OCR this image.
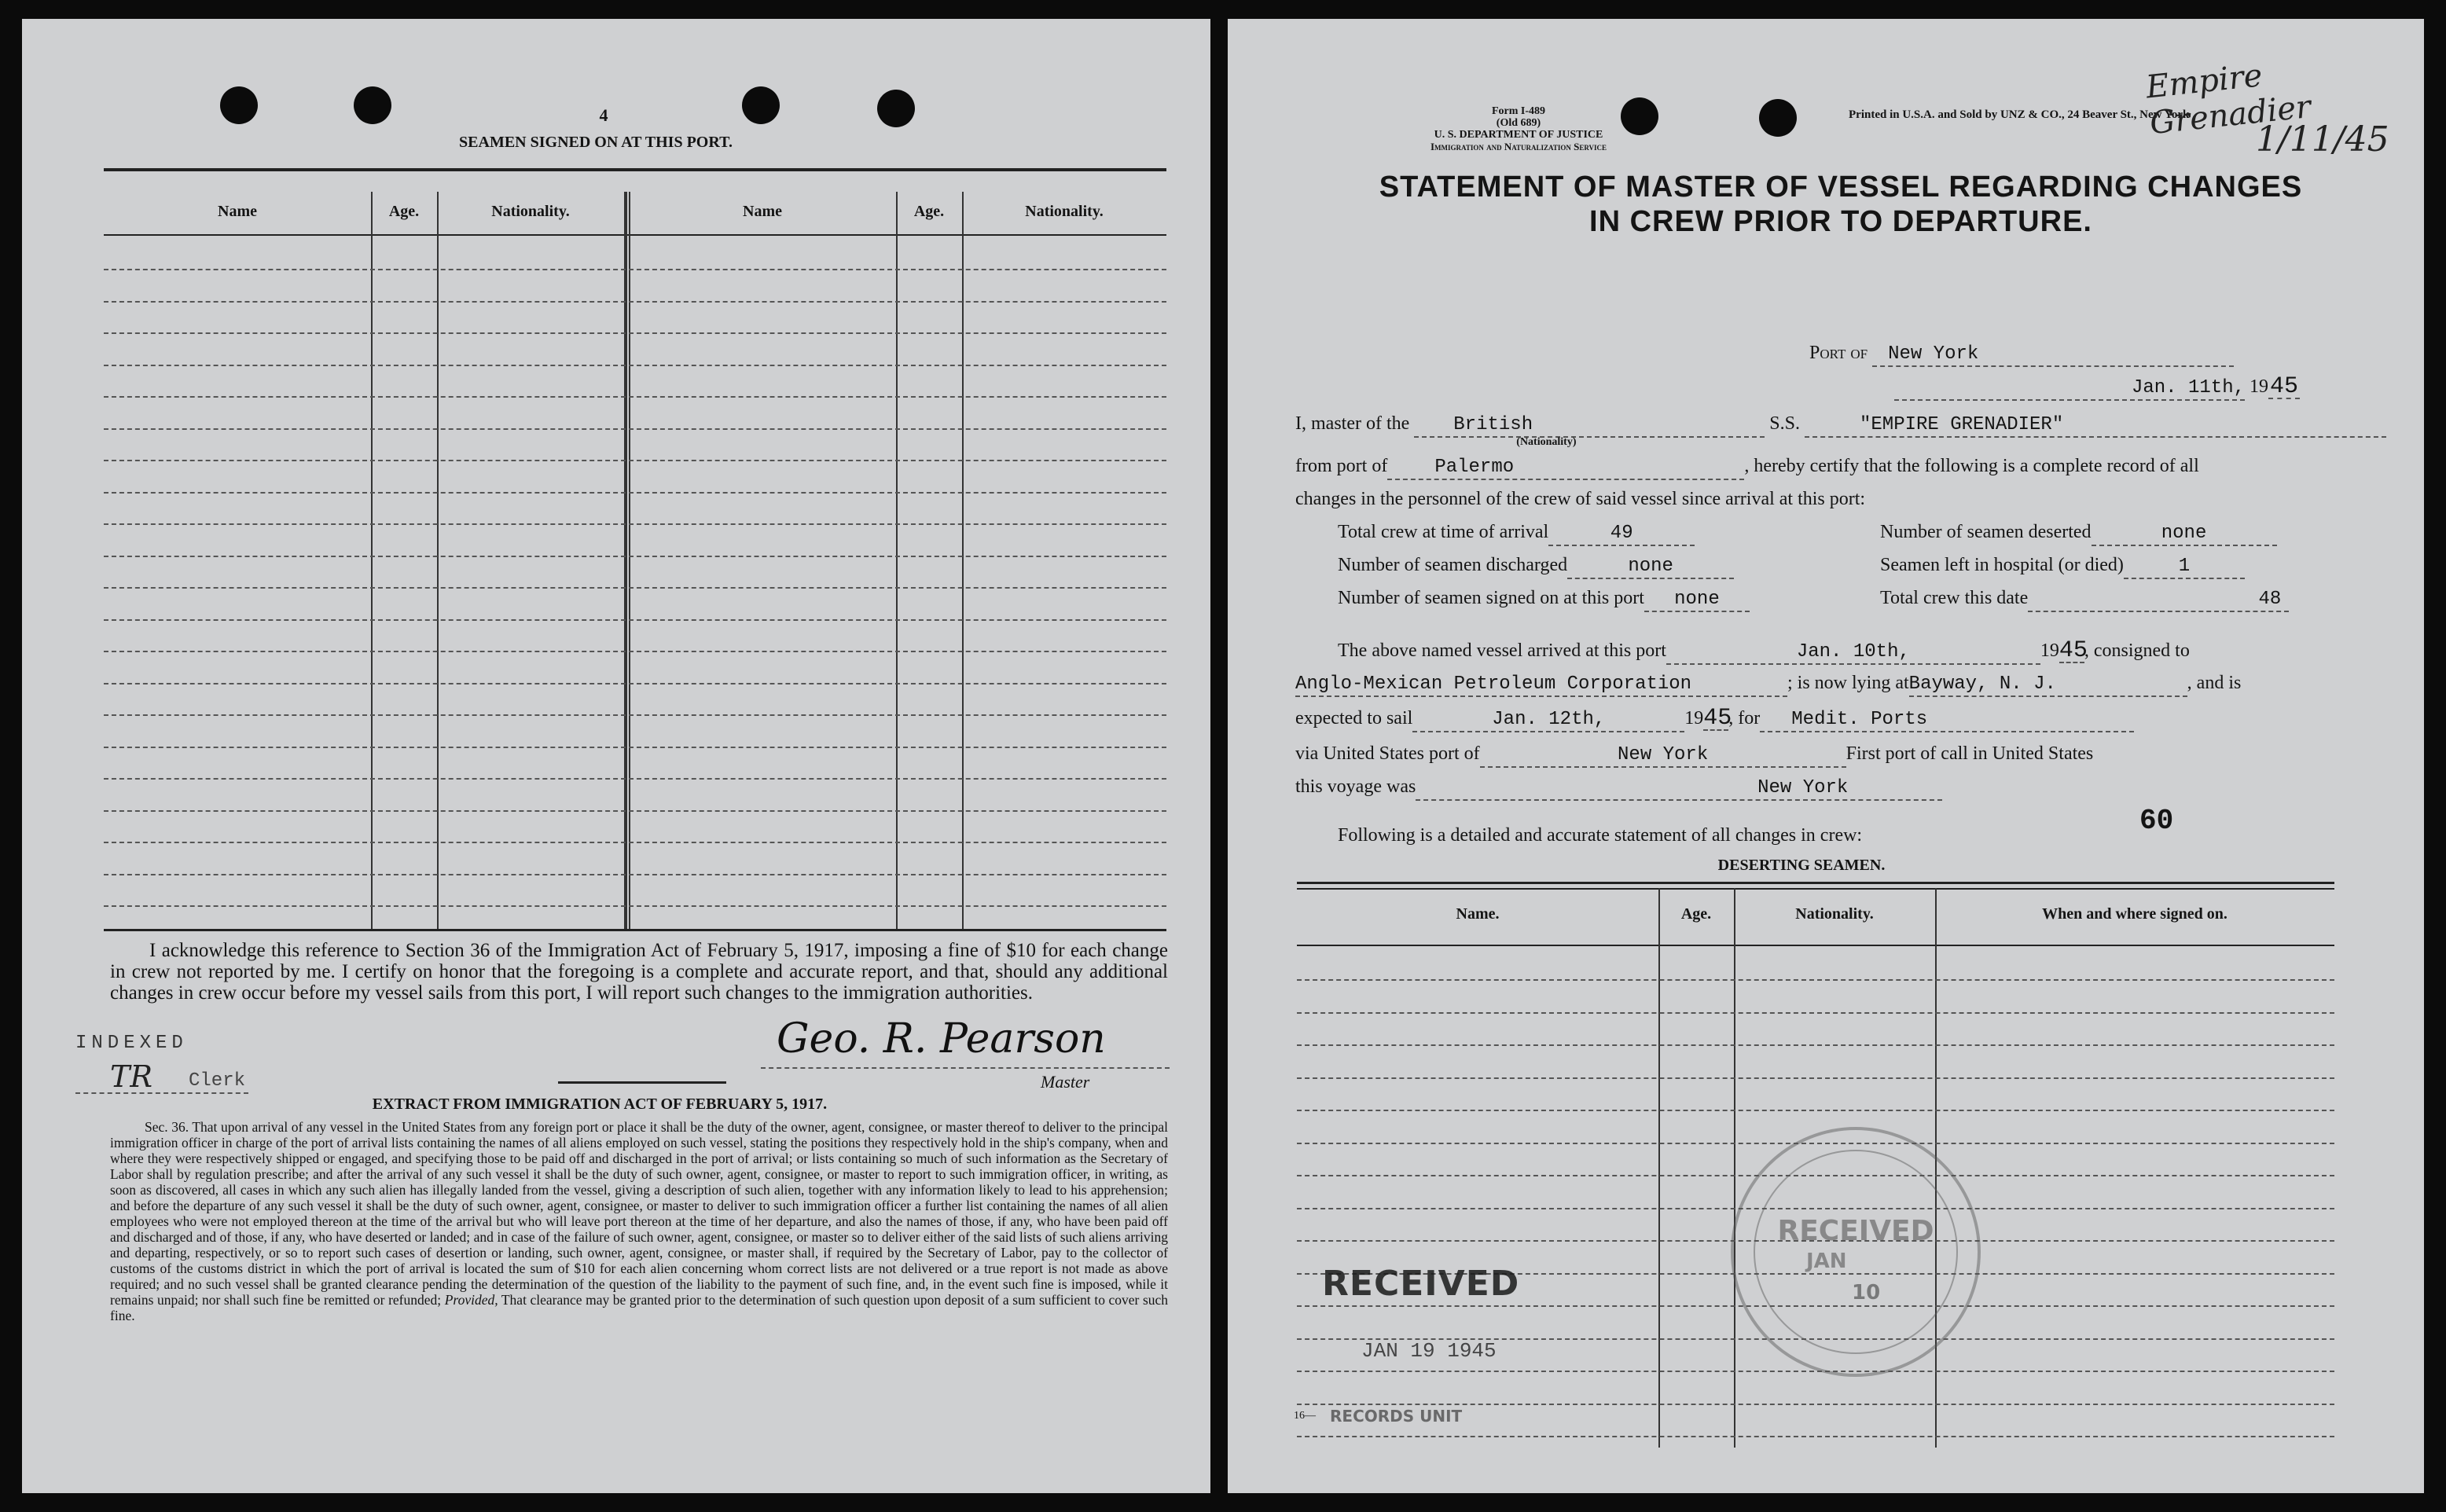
4
SEAMEN SIGNED ON AT THIS PORT.
Name	Age.	Nationality.	Name	Age.	Nationality.
I acknowledge this reference to Section 36 of the Immigration Act of February 5, 1917, imposing a fine of $10 for each change in crew not reported by me. I certify on honor that the foregoing is a complete and accurate report, and that, should any additional changes in crew occur before my vessel sails from this port, I will report such changes to the immigration authorities.
INDEXED
TR Clerk
Geo. R. Pearson
Master
EXTRACT FROM IMMIGRATION ACT OF FEBRUARY 5, 1917.
Sec. 36. That upon arrival of any vessel in the United States from any foreign port or place it shall be the duty of the owner, agent, consignee, or master thereof to deliver to the principal immigration officer in charge of the port of arrival lists containing the names of all aliens employed on such vessel, stating the positions they respectively hold in the ship's company, when and where they were respectively shipped or engaged, and specifying those to be paid off and discharged in the port of arrival; or lists containing so much of such information as the Secretary of Labor shall by regulation prescribe; and after the arrival of any such vessel it shall be the duty of such owner, agent, consignee, or master to report to such immigration officer, in writing, as soon as discovered, all cases in which any such alien has illegally landed from the vessel, giving a description of such alien, together with any information likely to lead to his apprehension; and before the departure of any such vessel it shall be the duty of such owner, agent, consignee, or master to deliver to such immigration officer a further list containing the names of all alien employees who were not employed thereon at the time of the arrival but who will leave port thereon at the time of her departure, and also the names of those, if any, who have been paid off and discharged and of those, if any, who have deserted or landed; and in case of the failure of such owner, agent, consignee, or master so to deliver either of the said lists of such aliens arriving and departing, respectively, or so to report such cases of desertion or landing, such owner, agent, consignee, or master shall, if required by the Secretary of Labor, pay to the collector of customs of the customs district in which the port of arrival is located the sum of $10 for each alien concerning whom correct lists are not delivered or a true report is not made as above required; and no such vessel shall be granted clearance pending the determination of the question of the liability to the payment of such fine, and, in the event such fine is imposed, while it remains unpaid; nor shall such fine be remitted or refunded; Provided, That clearance may be granted prior to the determination of such question upon deposit of a sum sufficient to cover such fine.
Form I-489
(Old 689)
U. S. DEPARTMENT OF JUSTICE
Immigration and Naturalization Service
Printed in U.S.A. and Sold by UNZ & CO., 24 Beaver St., New York
Empire Grenadier
1/11/45
STATEMENT OF MASTER OF VESSEL REGARDING CHANGES
IN CREW PRIOR TO DEPARTURE.
Port of New York
Jan. 11th, 1945
I, master of the British
(Nationality)
S.S.	"EMPIRE GRENADIER"
from port of	Palermo	, hereby certify that the following is a complete record of all
changes in the personnel of the crew of said vessel since arrival at this port:
Total crew at time of arrival	49	Number of seamen deserted	none
Number of seamen discharged	none	Seamen left in hospital (or died)	1
Number of seamen signed on at this port none	Total crew this date	48
The above named vessel arrived at this port	Jan. 10th,	1945, consigned to
Anglo-Mexican Petroleum Corporation	; is now lying atBayway, N. J.	, and is
expected to sail	Jan. 12th,	1945, for Medit. Ports
via United States port of	New York	First port of call in United States
this voyage was	New York
Following is a detailed and accurate statement of all changes in crew:	60
DESERTING SEAMEN.
Name.	Age.	Nationality.	When and where signed on.
RECEIVED
JAN 19 1945
RECORDS UNIT
16—
RECEIVED
JAN
10
